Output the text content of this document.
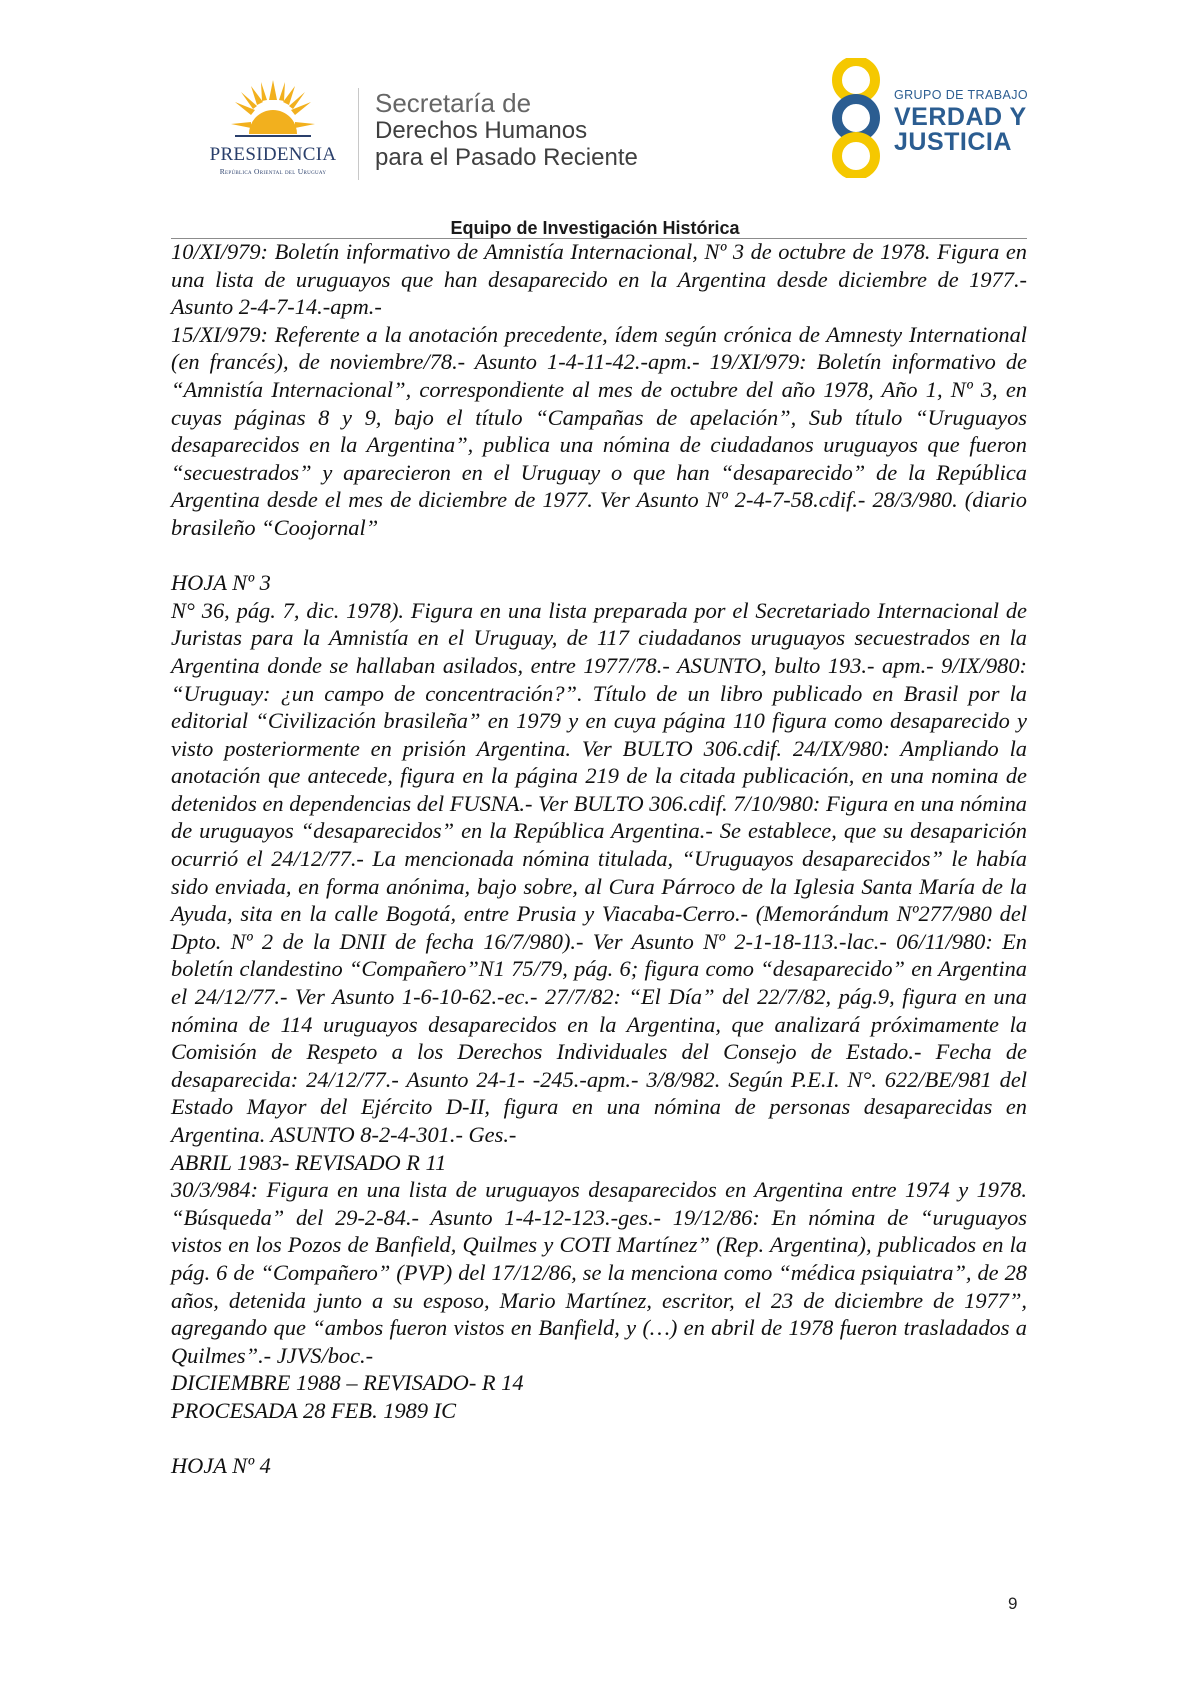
PRESIDENCIA
República Oriental del Uruguay
Secretaría de
Derechos Humanos
para el Pasado Reciente
GRUPO DE TRABAJO
VERDAD Y
JUSTICIA
Equipo de Investigación Histórica

10/XI/979: Boletín informativo de Amnistía Internacional, Nº 3 de octubre de 1978. Figura en una lista de uruguayos que han desaparecido en la Argentina desde diciembre de 1977.- Asunto 2-4-7-14.-apm.-

15/XI/979: Referente a la anotación precedente, ídem según crónica de Amnesty International (en francés), de noviembre/78.- Asunto 1-4-11-42.-apm.- 19/XI/979: Boletín informativo de “Amnistía Internacional”, correspondiente al mes de octubre del año 1978, Año 1, Nº 3, en cuyas páginas 8 y 9, bajo el título “Campañas de apelación”, Sub título “Uruguayos desaparecidos en la Argentina”, publica una nómina de ciudadanos uruguayos que fueron “secuestrados” y aparecieron en el Uruguay o que han “desaparecido” de la República Argentina desde el mes de diciembre de 1977. Ver Asunto Nº 2-4-7-58.cdif.- 28/3/980. (diario brasileño “Coojornal”

HOJA Nº 3

N° 36, pág. 7, dic. 1978). Figura en una lista preparada por el Secretariado Internacional de Juristas para la Amnistía en el Uruguay, de 117 ciudadanos uruguayos secuestrados en la Argentina donde se hallaban asilados, entre 1977/78.- ASUNTO, bulto 193.- apm.- 9/IX/980: “Uruguay: ¿un campo de concentración?”. Título de un libro publicado en Brasil por la editorial “Civilización brasileña” en 1979 y en cuya página 110 figura como desaparecido y visto posteriormente en prisión Argentina. Ver BULTO 306.cdif. 24/IX/980: Ampliando la anotación que antecede, figura en la página 219 de la citada publicación, en una nomina de detenidos en dependencias del FUSNA.- Ver BULTO 306.cdif. 7/10/980: Figura en una nómina de uruguayos “desaparecidos” en la República Argentina.- Se establece, que su desaparición ocurrió el 24/12/77.- La mencionada nómina titulada, “Uruguayos desaparecidos” le había sido enviada, en forma anónima, bajo sobre, al Cura Párroco de la Iglesia Santa María de la Ayuda, sita en la calle Bogotá, entre Prusia y Viacaba-Cerro.- (Memorándum Nº277/980 del Dpto. Nº 2 de la DNII de fecha 16/7/980).- Ver Asunto Nº 2-1-18-113.-lac.- 06/11/980: En boletín clandestino “Compañero”N1 75/79, pág. 6; figura como “desaparecido” en Argentina el 24/12/77.- Ver Asunto 1-6-10-62.-ec.- 27/7/82: “El Día” del 22/7/82, pág.9, figura en una nómina de 114 uruguayos desaparecidos en la Argentina, que analizará próximamente la Comisión de Respeto a los Derechos Individuales del Consejo de Estado.- Fecha de desaparecida: 24/12/77.- Asunto 24-1- -245.-apm.- 3/8/982. Según P.E.I. N°. 622/BE/981 del Estado Mayor del Ejército D-II, figura en una nómina de personas desaparecidas en Argentina. ASUNTO 8-2-4-301.- Ges.-

ABRIL 1983- REVISADO R 11

30/3/984: Figura en una lista de uruguayos desaparecidos en Argentina entre 1974 y 1978. “Búsqueda” del 29-2-84.- Asunto 1-4-12-123.-ges.- 19/12/86: En nómina de “uruguayos vistos en los Pozos de Banfield, Quilmes y COTI Martínez” (Rep. Argentina), publicados en la pág. 6 de “Compañero” (PVP) del 17/12/86, se la menciona como “médica psiquiatra”, de 28 años, detenida junto a su esposo, Mario Martínez, escritor, el 23 de diciembre de 1977”, agregando que “ambos fueron vistos en Banfield, y (…) en abril de 1978 fueron trasladados a Quilmes”.- JJVS/boc.-

DICIEMBRE 1988 – REVISADO- R 14

PROCESADA 28 FEB. 1989 IC

HOJA Nº 4

9
